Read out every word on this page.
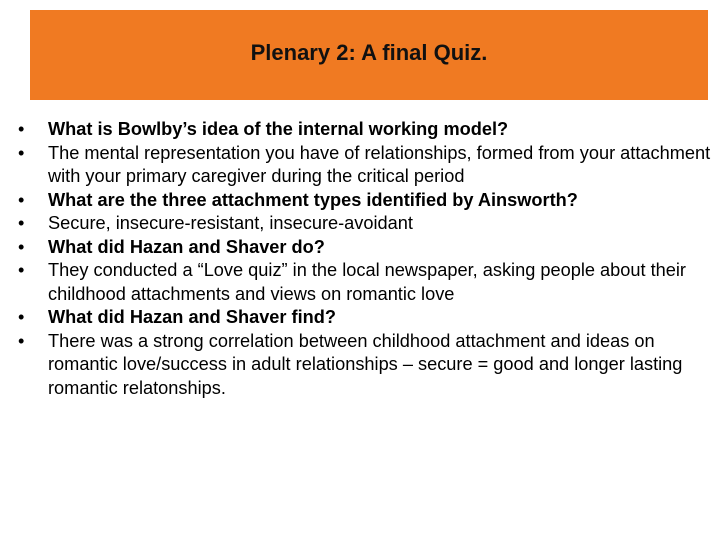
Plenary 2: A final Quiz.
•	What is Bowlby’s idea of the internal working model?
•	The mental representation you have of relationships, formed from your attachment with your primary caregiver during the critical period
•	What are the three attachment types identified by Ainsworth?
•	Secure, insecure-resistant, insecure-avoidant
•	What did Hazan and Shaver do?
•	They conducted a “Love quiz” in the local newspaper, asking people about their childhood attachments and views on romantic love
•	What did Hazan and Shaver find?
•	There was a strong correlation between childhood attachment and ideas on romantic love/success in adult relationships – secure = good and longer lasting romantic relatonships.
